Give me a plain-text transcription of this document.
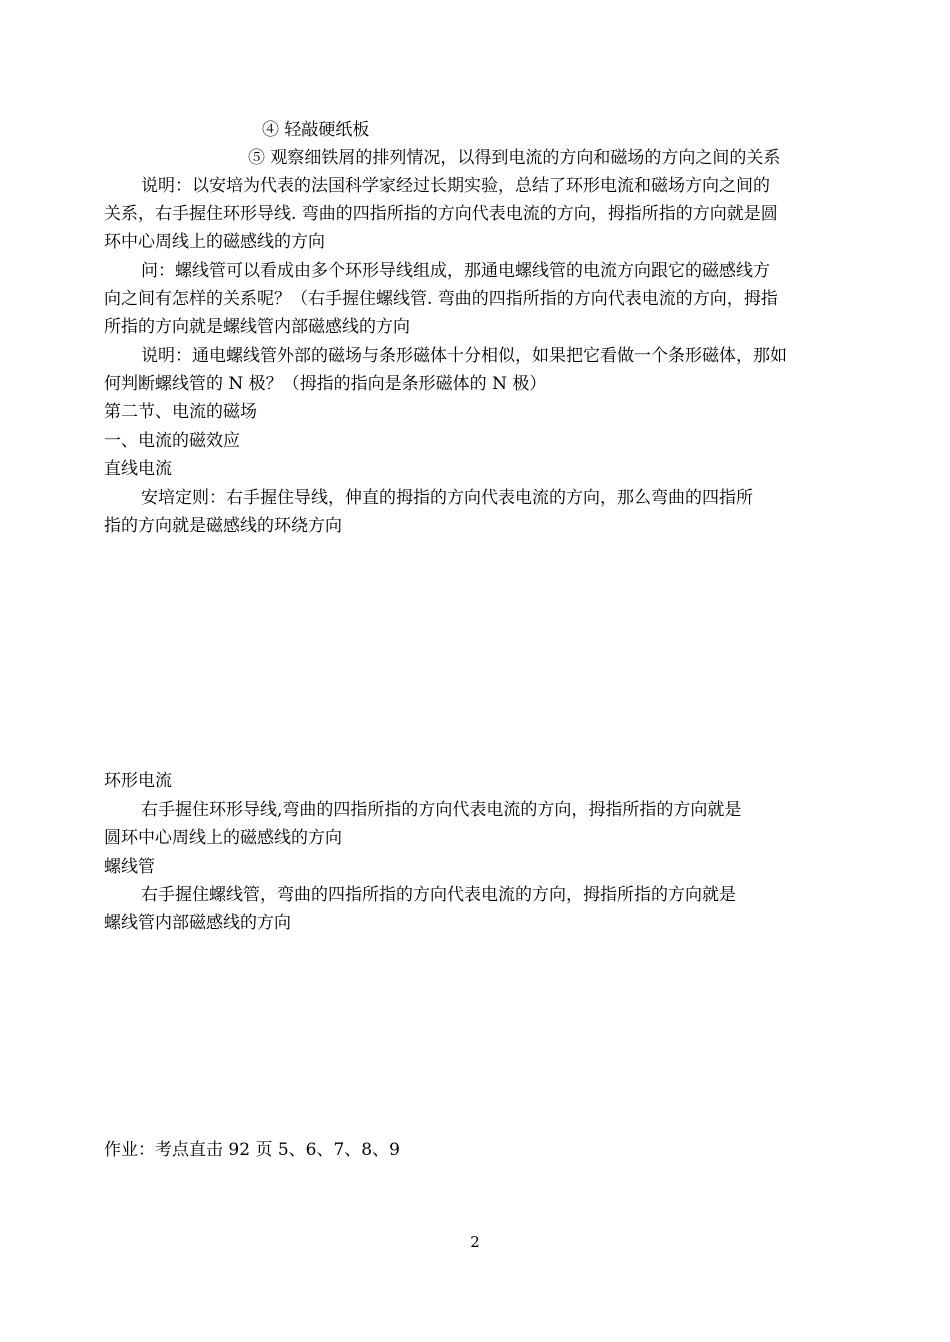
④ 轻敲硬纸板
⑤ 观察细铁屑的排列情况，以得到电流的方向和磁场的方向之间的关系
说明：以安培为代表的法国科学家经过长期实验，总结了环形电流和磁场方向之间的
关系，右手握住环形导线. 弯曲的四指所指的方向代表电流的方向，拇指所指的方向就是圆
环中心周线上的磁感线的方向
问：螺线管可以看成由多个环形导线组成，那通电螺线管的电流方向跟它的磁感线方
向之间有怎样的关系呢？（右手握住螺线管. 弯曲的四指所指的方向代表电流的方向，拇指
所指的方向就是螺线管内部磁感线的方向
说明：通电螺线管外部的磁场与条形磁体十分相似，如果把它看做一个条形磁体，那如
何判断螺线管的 N 极？（拇指的指向是条形磁体的 N 极）
第二节、电流的磁场
一、电流的磁效应
直线电流
安培定则：右手握住导线，伸直的拇指的方向代表电流的方向，那么弯曲的四指所
指的方向就是磁感线的环绕方向
环形电流
右手握住环形导线,弯曲的四指所指的方向代表电流的方向，拇指所指的方向就是
圆环中心周线上的磁感线的方向
螺线管
右手握住螺线管，弯曲的四指所指的方向代表电流的方向，拇指所指的方向就是
螺线管内部磁感线的方向
作业：考点直击 92 页 5、6、7、8、9
2
